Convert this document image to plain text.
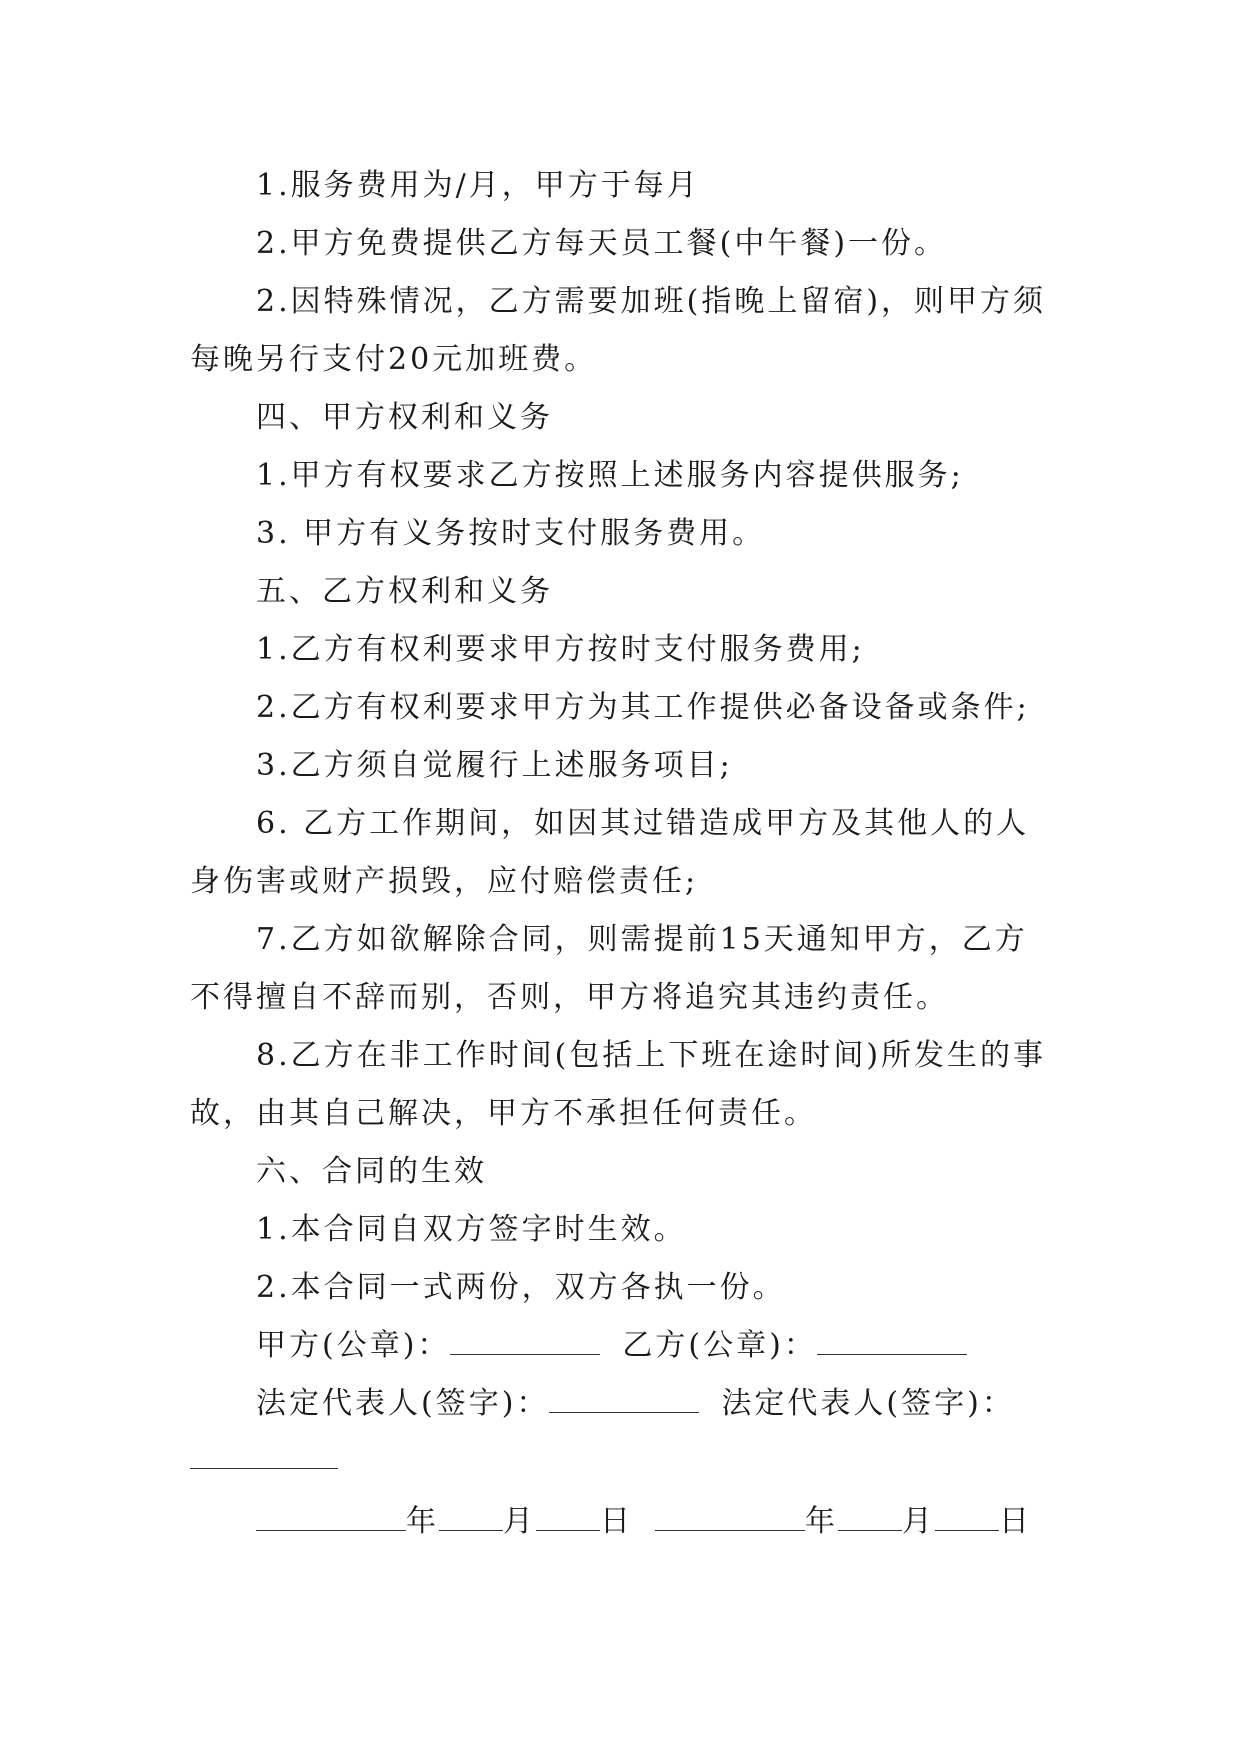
1.服务费用为/月，甲方于每月
2.甲方免费提供乙方每天员工餐(中午餐)一份。
2.因特殊情况，乙方需要加班(指晚上留宿)，则甲方须
每晚另行支付20元加班费。
四、甲方权利和义务
1.甲方有权要求乙方按照上述服务内容提供服务;
3. 甲方有义务按时支付服务费用。
五、乙方权利和义务
1.乙方有权利要求甲方按时支付服务费用;
2.乙方有权利要求甲方为其工作提供必备设备或条件;
3.乙方须自觉履行上述服务项目;
6. 乙方工作期间，如因其过错造成甲方及其他人的人
身伤害或财产损毁，应付赔偿责任;
7.乙方如欲解除合同，则需提前15天通知甲方，乙方
不得擅自不辞而别，否则，甲方将追究其违约责任。
8.乙方在非工作时间(包括上下班在途时间)所发生的事
故，由其自己解决，甲方不承担任何责任。
六、合同的生效
1.本合同自双方签字时生效。
2.本合同一式两份，双方各执一份。
甲方(公章)：	乙方(公章)：
法定代表人(签字)：	法定代表人(签字)：
年 月 日	年 月 日
